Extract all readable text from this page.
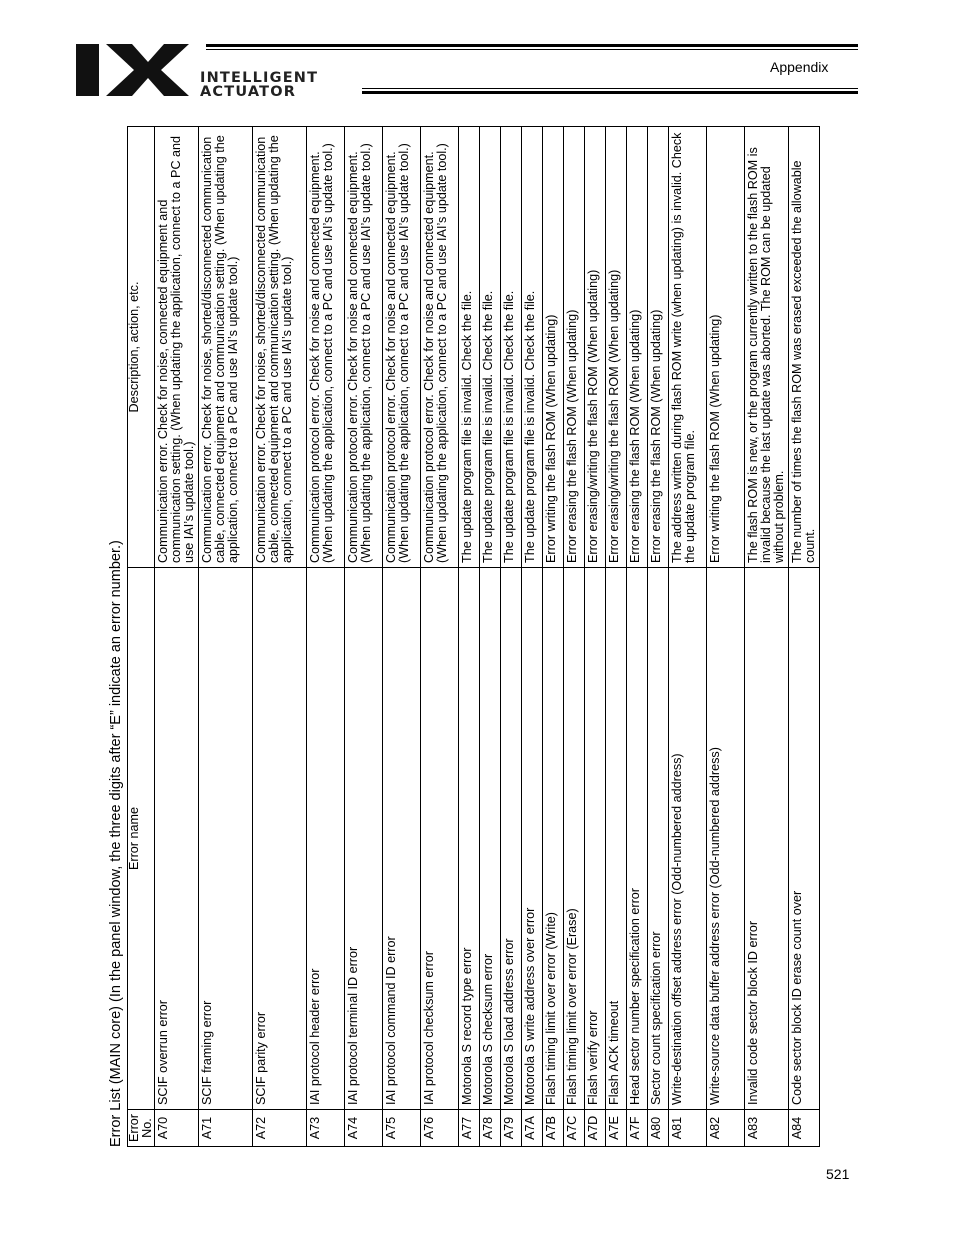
INTELLIGENT
ACTUATOR
Appendix
Error List (MAIN core) (In the panel window, the three digits after “E” indicate an error number.) Error No.	Error name	Description, action, etc.
A70	SCIF overrun error	Communication error. Check for noise, connected equipment and communication setting. (When updating the application, connect to a PC and use IAI’s update tool.)
A71	SCIF framing error	Communication error. Check for noise, shorted/disconnected communication cable, connected equipment and communication setting. (When updating the application, connect to a PC and use IAI’s update tool.)
A72	SCIF parity error	Communication error. Check for noise, shorted/disconnected communication cable, connected equipment and communication setting. (When updating the application, connect to a PC and use IAI’s update tool.)
A73	IAI protocol header error	Communication protocol error. Check for noise and connected equipment. (When updating the application, connect to a PC and use IAI’s update tool.)
A74	IAI protocol terminal ID error	Communication protocol error. Check for noise and connected equipment. (When updating the application, connect to a PC and use IAI’s update tool.)
A75	IAI protocol command ID error	Communication protocol error. Check for noise and connected equipment. (When updating the application, connect to a PC and use IAI’s update tool.)
A76	IAI protocol checksum error	Communication protocol error. Check for noise and connected equipment. (When updating the application, connect to a PC and use IAI’s update tool.)
A77	Motorola S record type error	The update program file is invalid. Check the file.
A78	Motorola S checksum error	The update program file is invalid. Check the file.
A79	Motorola S load address error	The update program file is invalid. Check the file.
A7A	Motorola S write address over error	The update program file is invalid. Check the file.
A7B	Flash timing limit over error (Write)	Error writing the flash ROM (When updating)
A7C	Flash timing limit over error (Erase)	Error erasing the flash ROM (When updating)
A7D	Flash verify error	Error erasing/writing the flash ROM (When updating)
A7E	Flash ACK timeout	Error erasing/writing the flash ROM (When updating)
A7F	Head sector number specification error	Error erasing the flash ROM (When updating)
A80	Sector count specification error	Error erasing the flash ROM (When updating)
A81	Write-destination offset address error (Odd-numbered address)	The address written during flash ROM write (when updating) is invalid. Check the update program file.
A82	Write-source data buffer address error (Odd-numbered address)	Error writing the flash ROM (When updating)
A83	Invalid code sector block ID error	The flash ROM is new, or the program currently written to the flash ROM is invalid because the last update was aborted. The ROM can be updated without problem.
A84	Code sector block ID erase count over	The number of times the flash ROM was erased exceeded the allowable count.
521
